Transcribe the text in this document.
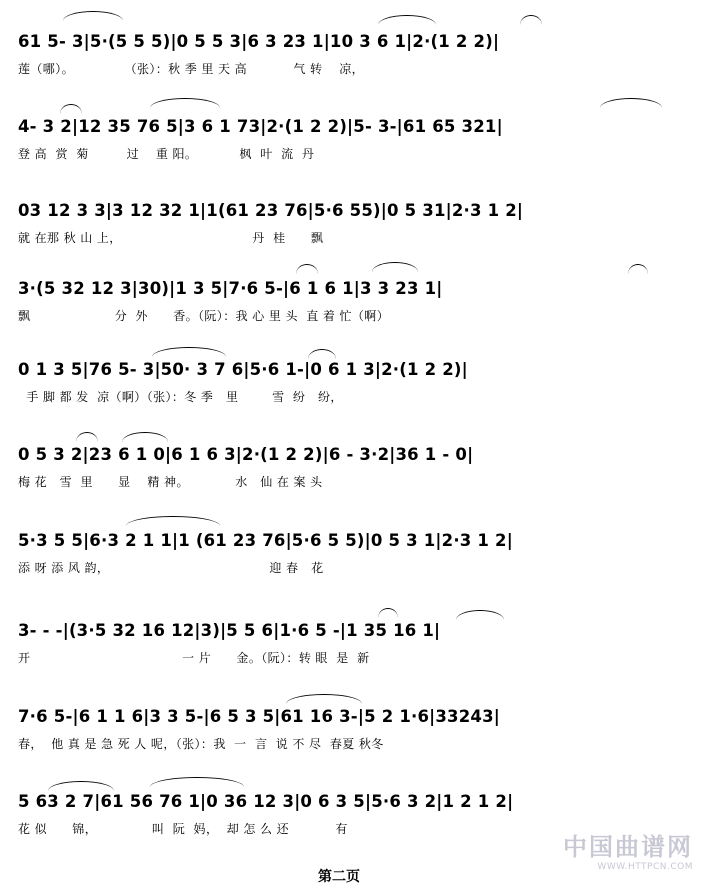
61 5- 3|5·(5 5 5)|0 5 5 3|6 3 23 1|10 3 6 1|2·(1 2 2)|
莲（哪）。            （张）：秋 季 里 天 高           气 转    凉，
4- 3 2|12 35 76 5|3 6 1 73|2·(1 2 2)|5- 3-|61 65 321|
登 高  赏  菊         过    重 阳。          枫  叶  流  丹
03 12 3 3|3 12 32 1|1(61 23 76|5·6 55)|0 5 31|2·3 1 2|
就 在那 秋 山 上，                               丹  桂      飘
3·(5 32 12 3|30)|1 3 5|7·6 5-|6 1 6 1|3 3 23 1|
飘                    分  外      香。（阮）：我 心 里 头  直 着 忙（啊）
0 1 3 5|76 5- 3|50· 3 7 6|5·6 1-|0 6 1 3|2·(1 2 2)|
手 脚 都 发  凉（啊）（张）：冬 季   里        雪  纷   纷，
0 5 3 2|23 6 1 0|6 1 6 3|2·(1 2 2)|6 - 3·2|36 1 - 0|
梅 花   雪  里      显    精 神。           水   仙 在 案 头
5·3 5 5|6·3 2 1 1|1 (61 23 76|5·6 5 5)|0 5 3 1|2·3 1 2|
添 呀 添 风 韵，                                      迎 春   花
3- - -|(3·5 32 16 12|3)|5 5 6|1·6 5 -|1 35 16 1|
开                                    一 片      金。（阮）：转 眼  是  新
7·6 5-|6 1 1 6|3 3 5-|6 5 3 5|61 16 3-|5 2 1·6|33243|
春，  他 真 是 急 死 人 呢，（张）：我  一  言  说 不 尽  春夏 秋冬
5 63 2 7|61 56 76 1|0 36 12 3|0 6 3 5|5·6 3 2|1 2 1 2|
花 似      锦，             叫  阮  妈，  却 怎 么 还           有
第二页
中国曲谱网
WWW.HTTPCN.COM
